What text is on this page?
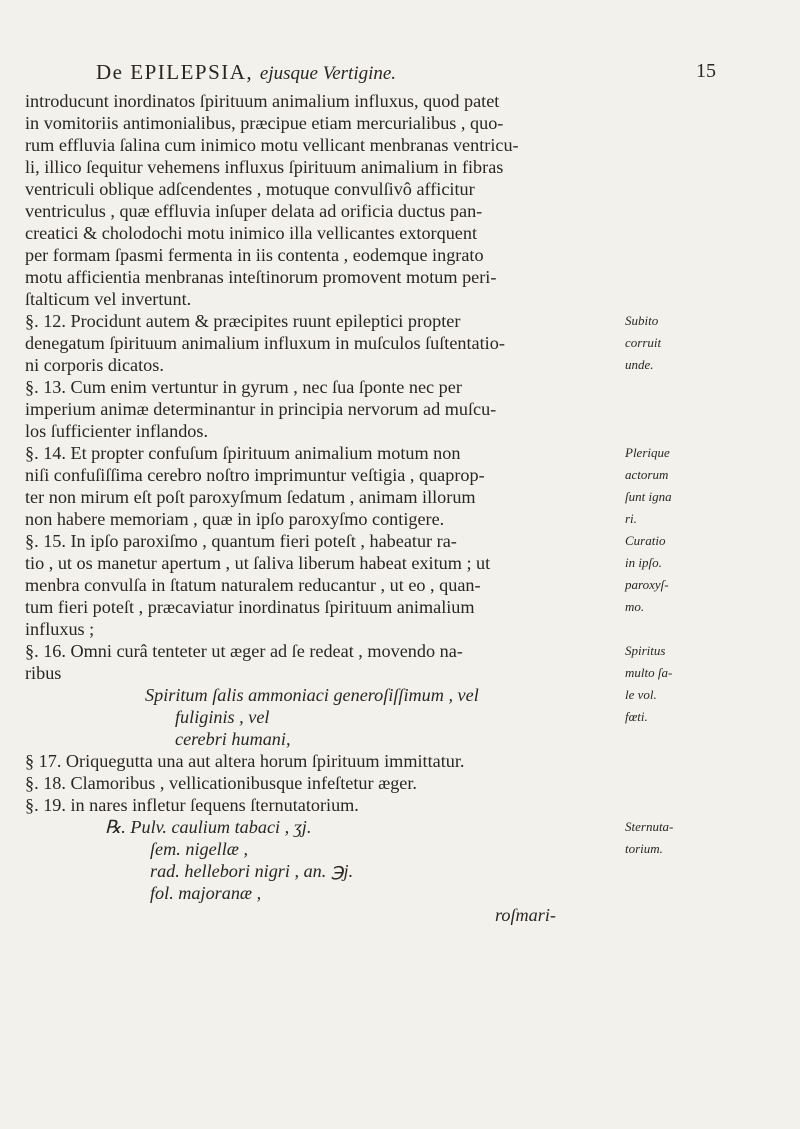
De EPILEPSIA, ejusque Vertigine.	15
introducunt inordinatos ſpirituum animalium influxus, quod patet
in vomitoriis antimonialibus, præcipue etiam mercurialibus , quo-
rum effluvia ſalina cum inimico motu vellicant menbranas ventricu-
li, illico ſequitur vehemens influxus ſpirituum animalium in fibras
ventriculi oblique adſcendentes , motuque convulſivô afficitur
ventriculus , quæ effluvia inſuper delata ad orificia ductus pan-
creatici & cholodochi motu inimico illa vellicantes extorquent
per formam ſpasmi fermenta in iis contenta , eodemque ingrato
motu afficientia menbranas inteſtinorum promovent motum peri-
ſtalticum vel invertunt.
§. 12. Procidunt autem & præcipites ruunt epileptici propter	Subito
denegatum ſpirituum animalium influxum in muſculos ſuſtentatio-	corruit
ni corporis dicatos.	unde.
§. 13. Cum enim vertuntur in gyrum , nec ſua ſponte nec per
imperium animæ determinantur in principia nervorum ad muſcu-
los ſufficienter inflandos.
§. 14. Et propter confuſum ſpirituum animalium motum non	Plerique
niſi confuſiſſima cerebro noſtro imprimuntur veſtigia , quaprop-	actorum
ter non mirum eſt poſt paroxyſmum ſedatum , animam illorum	ſunt igna
non habere memoriam , quæ in ipſo paroxyſmo contigere.	ri.
§. 15. In ipſo paroxiſmo , quantum fieri poteſt , habeatur ra-	Curatio
tio , ut os manetur apertum , ut ſaliva liberum habeat exitum ; ut	in ipſo.
menbra convulſa in ſtatum naturalem reducantur , ut eo , quan-	paroxyſ-
tum fieri poteſt , præcaviatur inordinatus ſpirituum animalium	mo.
influxus ;
§. 16. Omni curâ tenteter ut æger ad ſe redeat , movendo na-	Spiritus
ribus	multo ſa-
Spiritum ſalis ammoniaci generoſiſſimum , vel	le vol.
fuliginis , vel	fœti.
cerebri humani,
§ 17. Oriquegutta una aut altera horum ſpirituum immittatur.
§. 18. Clamoribus , vellicationibusque infeſtetur æger.
§. 19. in nares infletur ſequens ſternutatorium.
℞. Pulv. caulium tabaci , ʒj.	Sternuta-
ſem. nigellæ ,	torium.
rad. hellebori nigri , an. ℈j.
fol. majoranæ ,
roſmari-
